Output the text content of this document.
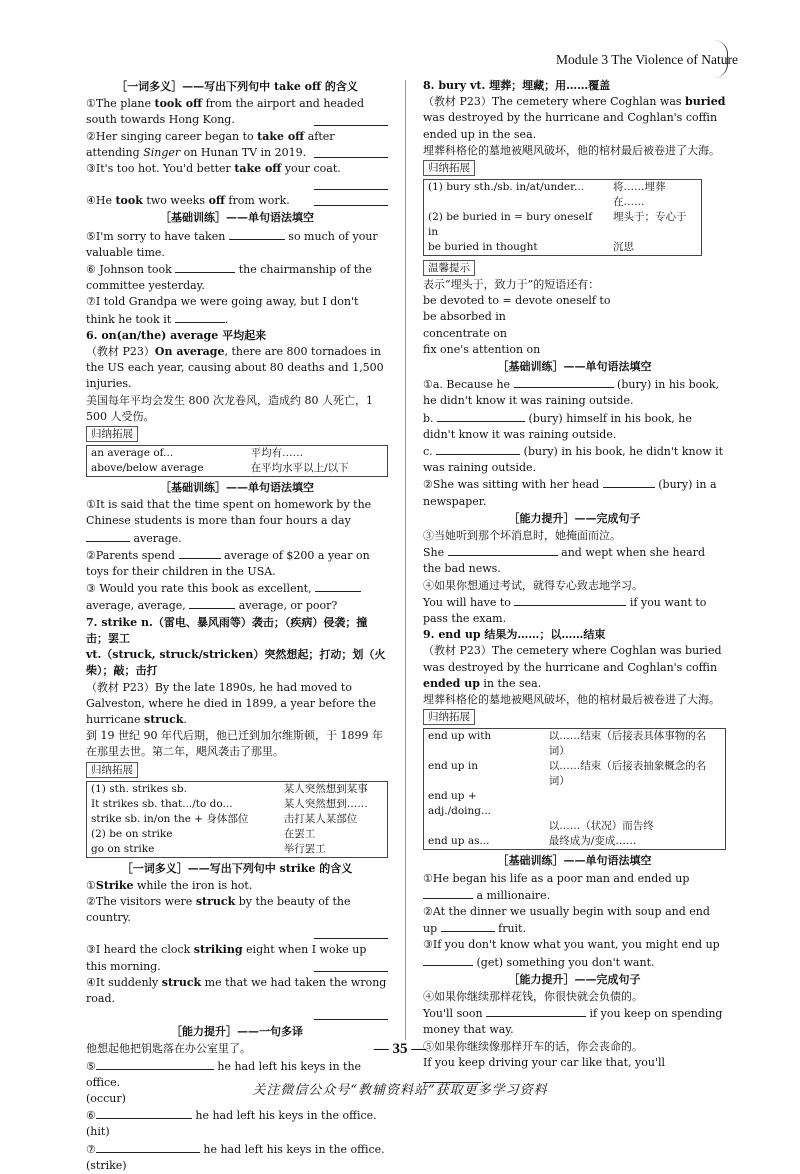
Module 3 The Violence of Nature

［一词多义］——写出下列句中 take off 的含义

①The plane took off from the airport and headed south towards Hong Kong.

②Her singing career began to take off after attending Singer on Hunan TV in 2019.

③It's too hot. You'd better take off your coat.

④He took two weeks off from work.

［基础训练］——单句语法填空

⑤I'm sorry to have taken	so much of your valuable time.

⑥ Johnson took	the chairmanship of the committee yesterday.

⑦I told Grandpa we were going away, but I don't think he took it	.

6. on(an/the) average 平均起来

（教材 P23）On average, there are 800 tornadoes in the US each year, causing about 80 deaths and 1,500 injuries.

美国每年平均会发生 800 次龙卷风，造成约 80 人死亡，1 500 人受伤。

归纳拓展
an average of...	平均有……
above/below average	在平均水平以上/以下

［基础训练］——单句语法填空

①It is said that the time spent on homework by the Chinese students is more than four hours a day  average.

②Parents spend	average of $200 a year on toys for their children in the USA.

③ Would you rate this book as excellent,  average, average,	average, or poor?

7. strike n.（雷电、暴风雨等）袭击；（疾病）侵袭；撞击；罢工

vt.（struck, struck/stricken）突然想起；打动；划（火柴）；敲；击打

（教材 P23）By the late 1890s, he had moved to Galveston, where he died in 1899, a year before the hurricane struck.

到 19 世纪 90 年代后期，他已迁到加尔维斯顿，于 1899 年在那里去世。第二年，飓风袭击了那里。

归纳拓展
(1) sth. strikes sb.	某人突然想到某事
It strikes sb. that.../to do...	某人突然想到……
strike sb. in/on the + 身体部位	击打某人某部位
(2) be on strike	在罢工
go on strike	举行罢工

［一词多义］——写出下列句中 strike 的含义

①Strike while the iron is hot.

②The visitors were struck by the beauty of the country.

③I heard the clock striking eight when I woke up this morning.

④It suddenly struck me that we had taken the wrong road.

［能力提升］——一句多译

他想起他把钥匙落在办公室里了。

⑤	he had left his keys in the office.

(occur)

⑥	he had left his keys in the office.(hit)

⑦	he had left his keys in the office.

(strike)

8. bury vt. 埋葬；埋藏；用……覆盖

（教材 P23）The cemetery where Coghlan was buried was destroyed by the hurricane and Coghlan's coffin ended up in the sea.

埋葬科格伦的墓地被飓风破坏，他的棺材最后被卷进了大海。

归纳拓展
(1) bury sth./sb. in/at/under...	将……埋葬在……
(2) be buried in = bury oneself in	埋头于；专心于
be buried in thought	沉思
温馨提示

表示“埋头于，致力于”的短语还有：

be devoted to = devote oneself to

be absorbed in

concentrate on

fix one's attention on

［基础训练］——单句语法填空

①a. Because he	(bury) in his book, he didn't know it was raining outside.

b.	(bury) himself in his book, he didn't know it was raining outside.

c.	(bury) in his book, he didn't know it was raining outside.

②She was sitting with her head	(bury) in a newspaper.

［能力提升］——完成句子

③当她听到那个坏消息时，她掩面而泣。

She	and wept when she heard the bad news.

④如果你想通过考试，就得专心致志地学习。

You will have to	if you want to pass the exam.

9. end up 结果为……；以……结束

（教材 P23）The cemetery where Coghlan was buried was destroyed by the hurricane and Coghlan's coffin ended up in the sea.

埋葬科格伦的墓地被飓风破坏，他的棺材最后被卷进了大海。

归纳拓展
end up with	以……结束（后接表具体事物的名词）
end up in	以……结束（后接表抽象概念的名词）
end up + adj./doing...	
	以……（状况）而告终
end up as...	最终成为/变成……

［基础训练］——单句语法填空

①He began his life as a poor man and ended up  a millionaire.

②At the dinner we usually begin with soup and end up	fruit.

③If you don't know what you want, you might end up  (get) something you don't want.

［能力提升］——完成句子

④如果你继续那样花钱，你很快就会负债的。

You'll soon	if you keep on spending money that way.

⑤如果你继续像那样开车的话，你会丧命的。

If you keep driving your car like that, you'll .

— 35 —
关注微信公众号“教辅资料站”获取更多学习资料
